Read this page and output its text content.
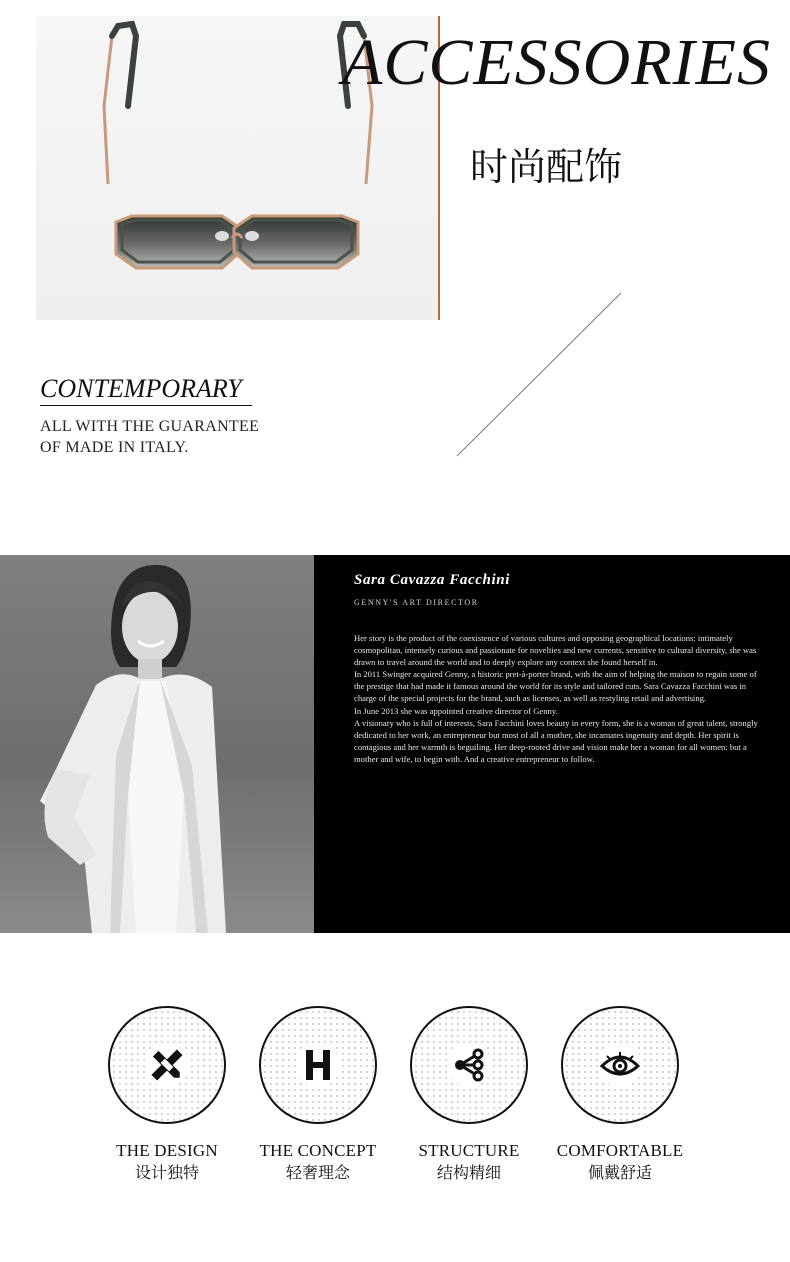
ACCESSORIES
时尚配饰
CONTEMPORARY
ALL WITH THE GUARANTEE
OF MADE IN ITALY.
Sara Cavazza Facchini
GENNY'S ART DIRECTOR

Her story is the product of the coexistence of various cultures and opposing geographical locations: intimately cosmopolitan, intensely curious and passionate for novelties and new currents, sensitive to cultural diversity, she was drawn to travel around the world and to deeply explore any context she found herself in.

In 2011 Swinger acquired Genny, a historic pret-à-porter brand, with the aim of helping the maison to regain some of the prestige that had made it famous around the world for its style and tailored cuts. Sara Cavazza Facchini was in charge of the special projects for the brand, such as licenses, as well as restyling retail and advertising.

In June 2013 she was appointed creative director of Genny.

A visionary who is full of interests, Sara Facchini loves beauty in every form, she is a woman of great talent, strongly dedicated to her work, an entrepreneur but most of all a mother, she incarnates ingenuity and depth. Her spirit is contagious and her warmth is beguiling. Her deep-rooted drive and vision make her a woman for all women: but a mother and wife, to begin with. And a creative entrepreneur to follow.

THE DESIGN
设计独特
THE CONCEPT
轻奢理念
STRUCTURE
结构精细
COMFORTABLE
佩戴舒适
